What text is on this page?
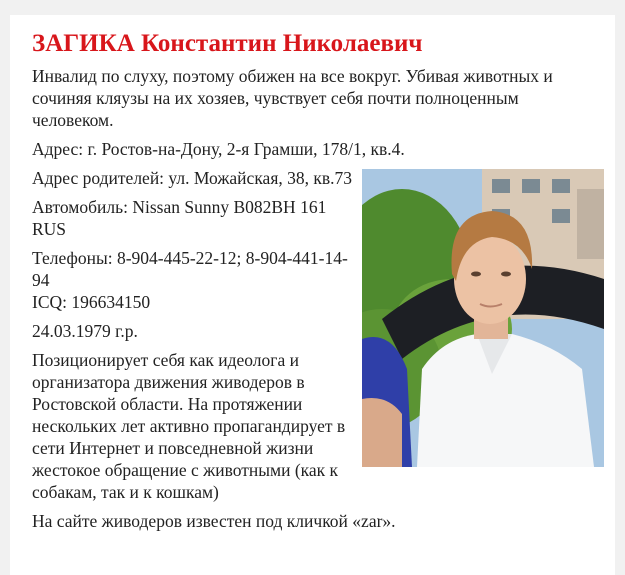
ЗАГИКА Константин Николаевич

Инвалид по слуху, поэтому обижен на все вокруг. Убивая животных и сочиняя кляузы на их хозяев, чувствует себя почти полноценным человеком.

Адрес: г. Ростов-на-Дону, 2-я Грамши, 178/1, кв.4.

Адрес родителей: ул. Можайская, 38, кв.73

Автомобиль: Nissan Sunny В082ВН 161 RUS

Телефоны: 8-904-445-22-12; 8-904-441-14-94

ICQ: 196634150

24.03.1979 г.р.

Позиционирует себя как идеолога и организатора движения живодеров в Ростовской области. На протяжении нескольких лет активно пропагандирует в сети Интернет и повседневной жизни жестокое обращение с животными (как к собакам, так и к кошкам)

На сайте живодеров известен под кличкой «zar».
